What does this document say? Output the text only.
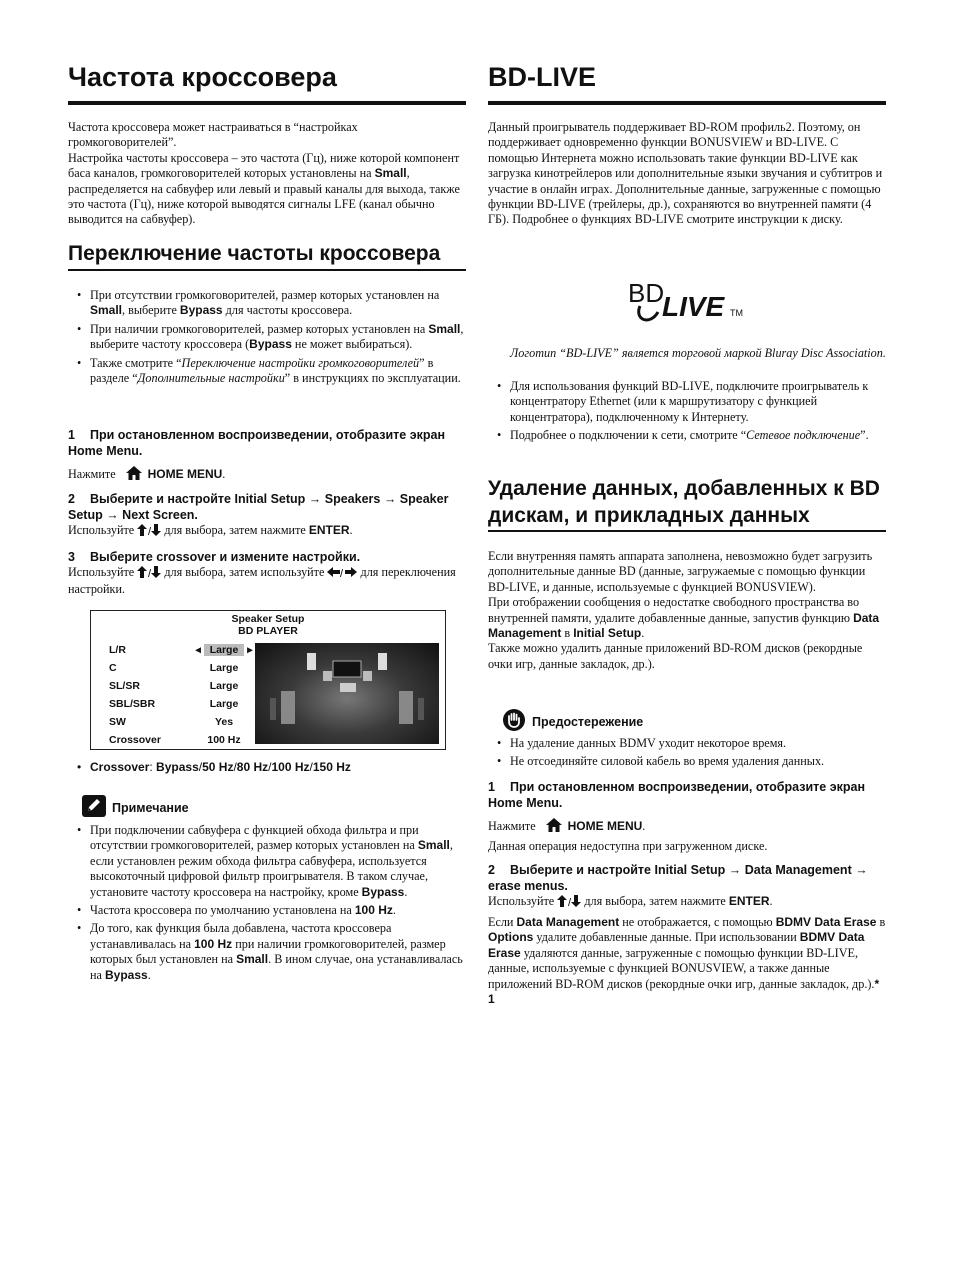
Частота кроссовера

Частота кроссовера может настраиваться в “настройках громкоговорителей”.

Настройка частоты кроссовера – это частота (Гц), ниже которой компонент баса каналов, громкоговорителей которых установлены на Small, распределяется на сабвуфер или левый и правый каналы для выхода, также это частота (Гц), ниже которой выводятся сигналы LFE (канал обычно выводится на сабвуфер).

Переключение частоты кроссовера
• При отсутствии громкоговорителей, размер которых установлен на Small, выберите Bypass для частоты кроссовера.
• При наличии громкоговорителей, размер которых установлен на Small, выберите частоту кроссовера (Bypass не может выбираться).
• Также смотрите “Переключение настройки громкоговорителей” в разделе “Дополнительные настройки” в инструкциях по эксплуатации.
1 При остановленном воспроизведении, отобразите экран Home Menu.

Нажмите	HOME MENU.

2 Выберите и настройте Initial Setup → Speakers → Speaker Setup → Next Screen.

Используйте / для выбора, затем нажмите ENTER.

3 Выберите crossover и измените настройки.

Используйте / для выбора, затем используйте / для переключения настройки.

Speaker Setup
BD PLAYER
L/R	◂ Large ▸
C	Large
SL/SR	Large
SBL/SBR	Large
SW	Yes
Crossover	100 Hz
• Crossover: Bypass/50 Hz/80 Hz/100 Hz/150 Hz
Примечание
• При подключении сабвуфера с функцией обхода фильтра и при отсутствии громкоговорителей, размер которых установлен на Small, если установлен режим обхода фильтра сабвуфера, используется высокоточный цифровой фильтр проигрывателя. В таком случае, установите частоту кроссовера на настройку, кроме Bypass.
• Частота кроссовера по умолчанию установлена на 100 Hz.
• До того, как функция была добавлена, частота кроссовера устанавливалась на 100 Hz при наличии громкоговорителей, размер которых был установлен на Small. В ином случае, она устанавливалась на Bypass.
BD-LIVE

Данный проигрыватель поддерживает BD-ROM профиль2. Поэтому, он поддерживает одновременно функции BONUSVIEW и BD-LIVE. С помощью Интернета можно использовать такие функции BD-LIVE как загрузка кинотрейлеров или дополнительные языки звучания и субтитров и участие в онлайн играх. Дополнительные данные, загруженные с помощью функции BD-LIVE (трейлеры, др.), сохраняются во внутренней памяти (4 ГБ). Подробнее о функциях BD-LIVE смотрите инструкции к диску.

BD
LIVE TM
Логотип “BD-LIVE” является торговой маркой Bluray Disc Association.
• Для использования функций BD-LIVE, подключите проигрыватель к концентратору Ethernet (или к маршрутизатору с функцией концентратора), подключенному к Интернету.
• Подробнее о подключении к сети, смотрите “Сетевое подключение”.
Удаление данных, добавленных к BD дискам, и прикладных данных

Если внутренняя память аппарата заполнена, невозможно будет загрузить дополнительные данные BD (данные, загружаемые с помощью функции BD-LIVE, и данные, используемые с функцией BONUSVIEW).

При отображении сообщения о недостатке свободного пространства во внутренней памяти, удалите добавленные данные, запустив функцию Data Management в Initial Setup.

Также можно удалить данные приложений BD-ROM дисков (рекордные очки игр, данные закладок, др.).

Предостережение
• На удаление данных BDMV уходит некоторое время.
• Не отсоединяйте силовой кабель во время удаления данных.
1 При остановленном воспроизведении, отобразите экран Home Menu.

Нажмите	HOME MENU.

Данная операция недоступна при загруженном диске.

2 Выберите и настройте Initial Setup → Data Management → erase menus.

Используйте / для выбора, затем нажмите ENTER.

Если Data Management не отображается, с помощью BDMV Data Erase в Options удалите добавленные данные. При использовании BDMV Data Erase удаляются данные, загруженные с помощью функции BD-LIVE, данные, используемые с функцией BONUSVIEW, а также данные приложений BD-ROM дисков (рекордные очки игр, данные закладок, др.).* 1
